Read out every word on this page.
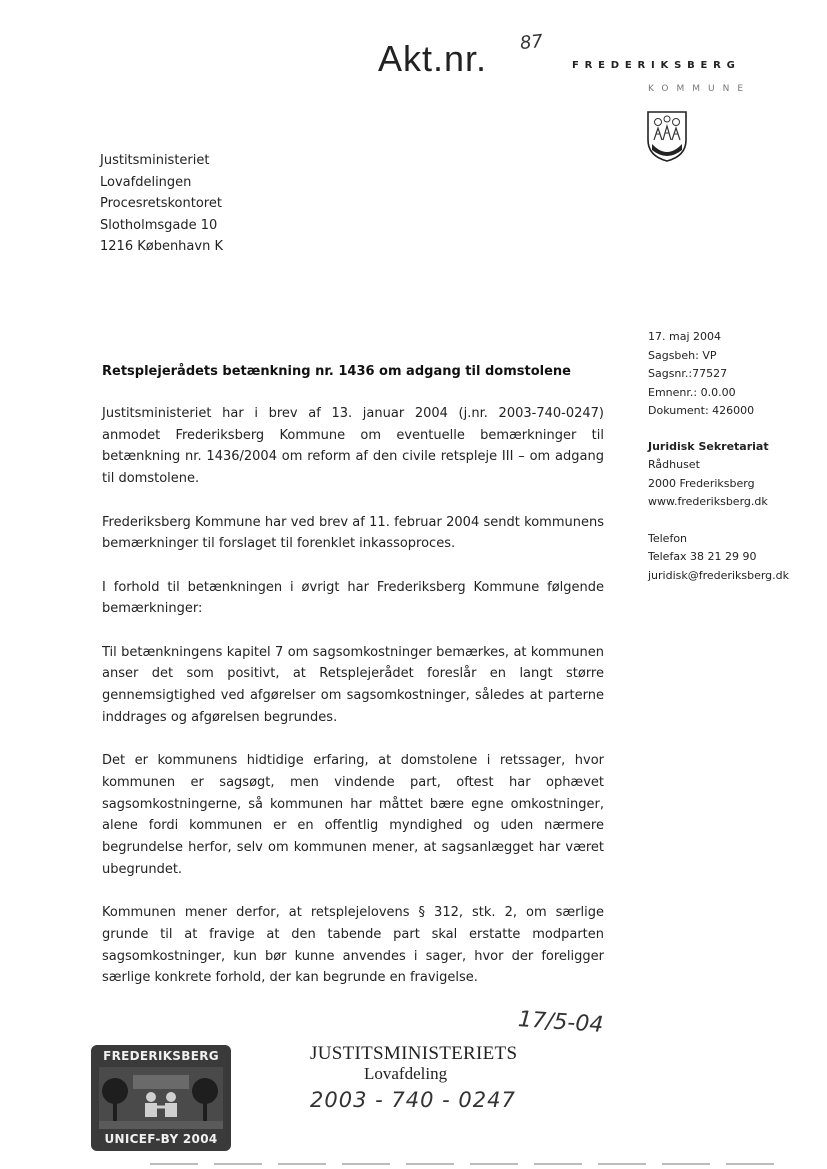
Akt.nr. 87
FREDERIKSBERG
KOMMUNE
Justitsministeriet
Lovafdelingen
Procesretskontoret
Slotholmsgade 10
1216 København K
17. maj 2004
Sagsbeh: VP
Sagsnr.:77527
Emnenr.: 0.0.00
Dokument: 426000
Juridisk Sekretariat
Rådhuset
2000 Frederiksberg
www.frederiksberg.dk
Telefon
Telefax 38 21 29 90
juridisk@frederiksberg.dk
Retsplejerådets betænkning nr. 1436 om adgang til domstolene

Justitsministeriet har i brev af 13. januar 2004 (j.nr. 2003-740-0247) anmodet Frederiksberg Kommune om eventuelle bemærkninger til betænkning nr. 1436/2004 om reform af den civile retspleje III – om adgang til domstolene.

Frederiksberg Kommune har ved brev af 11. februar 2004 sendt kommunens bemærkninger til forslaget til forenklet inkassoproces.

I forhold til betænkningen i øvrigt har Frederiksberg Kommune følgende bemærkninger:

Til betænkningens kapitel 7 om sagsomkostninger bemærkes, at kommunen anser det som positivt, at Retsplejerådet foreslår en langt større gennemsigtighed ved afgørelser om sagsomkostninger, således at parterne inddrages og afgørelsen begrundes.

Det er kommunens hidtidige erfaring, at domstolene i retssager, hvor kommunen er sagsøgt, men vindende part, oftest har ophævet sagsomkostningerne, så kommunen har måttet bære egne omkostninger, alene fordi kommunen er en offentlig myndighed og uden nærmere begrundelse herfor, selv om kommunen mener, at sagsanlægget har været ubegrundet.

Kommunen mener derfor, at retsplejelovens § 312, stk. 2, om særlige grunde til at fravige at den tabende part skal erstatte modparten sagsomkostninger, kun bør kunne anvendes i sager, hvor der foreligger særlige konkrete forhold, der kan begrunde en fravigelse.

17/5-04
JUSTITSMINISTERIETS
Lovafdeling
2003 - 740 - 0247
FREDERIKSBERG
UNICEF-BY 2004
